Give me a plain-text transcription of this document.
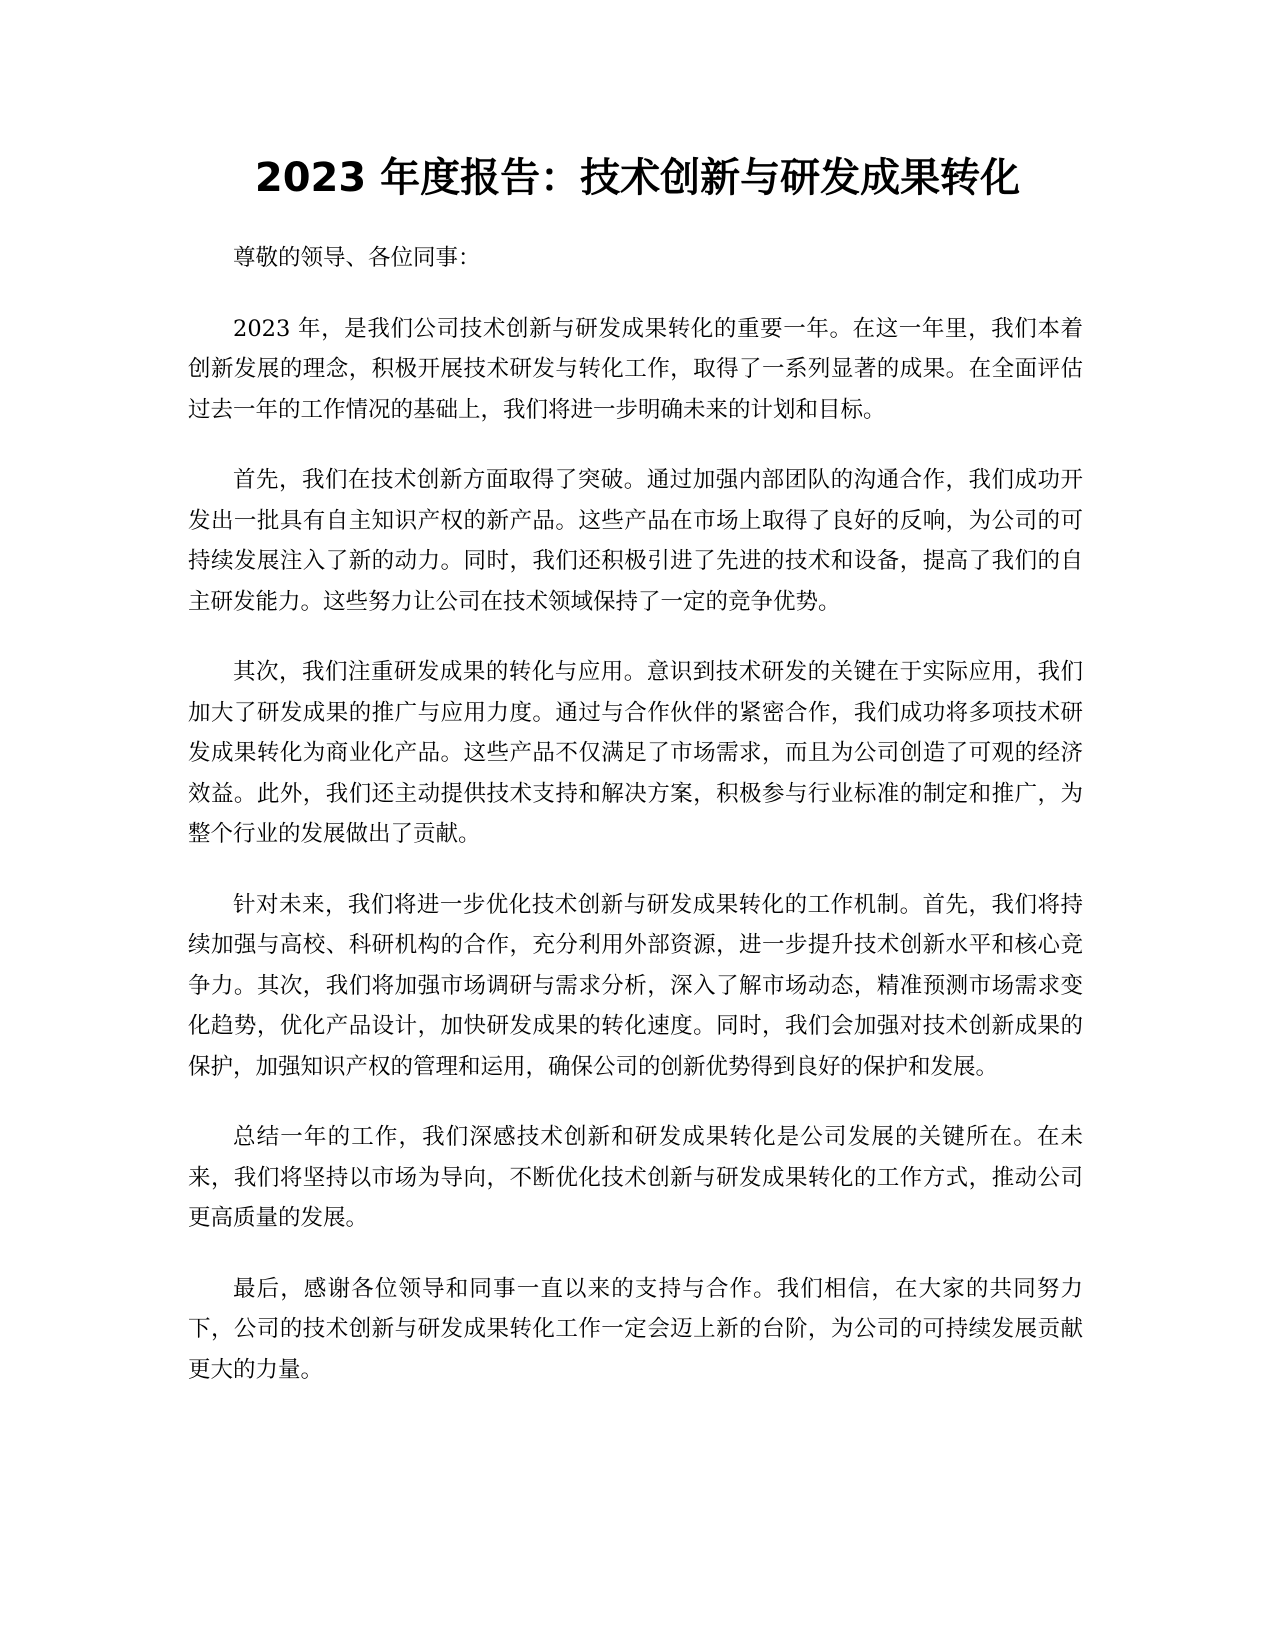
2023 年度报告：技术创新与研发成果转化

尊敬的领导、各位同事：

2023 年，是我们公司技术创新与研发成果转化的重要一年。在这一年里，我们本着创新发展的理念，积极开展技术研发与转化工作，取得了一系列显著的成果。在全面评估过去一年的工作情况的基础上，我们将进一步明确未来的计划和目标。

首先，我们在技术创新方面取得了突破。通过加强内部团队的沟通合作，我们成功开发出一批具有自主知识产权的新产品。这些产品在市场上取得了良好的反响，为公司的可持续发展注入了新的动力。同时，我们还积极引进了先进的技术和设备，提高了我们的自主研发能力。这些努力让公司在技术领域保持了一定的竞争优势。

其次，我们注重研发成果的转化与应用。意识到技术研发的关键在于实际应用，我们加大了研发成果的推广与应用力度。通过与合作伙伴的紧密合作，我们成功将多项技术研发成果转化为商业化产品。这些产品不仅满足了市场需求，而且为公司创造了可观的经济效益。此外，我们还主动提供技术支持和解决方案，积极参与行业标准的制定和推广，为整个行业的发展做出了贡献。

针对未来，我们将进一步优化技术创新与研发成果转化的工作机制。首先，我们将持续加强与高校、科研机构的合作，充分利用外部资源，进一步提升技术创新水平和核心竞争力。其次，我们将加强市场调研与需求分析，深入了解市场动态，精准预测市场需求变化趋势，优化产品设计，加快研发成果的转化速度。同时，我们会加强对技术创新成果的保护，加强知识产权的管理和运用，确保公司的创新优势得到良好的保护和发展。

总结一年的工作，我们深感技术创新和研发成果转化是公司发展的关键所在。在未来，我们将坚持以市场为导向，不断优化技术创新与研发成果转化的工作方式，推动公司更高质量的发展。

最后，感谢各位领导和同事一直以来的支持与合作。我们相信，在大家的共同努力下，公司的技术创新与研发成果转化工作一定会迈上新的台阶，为公司的可持续发展贡献更大的力量。
